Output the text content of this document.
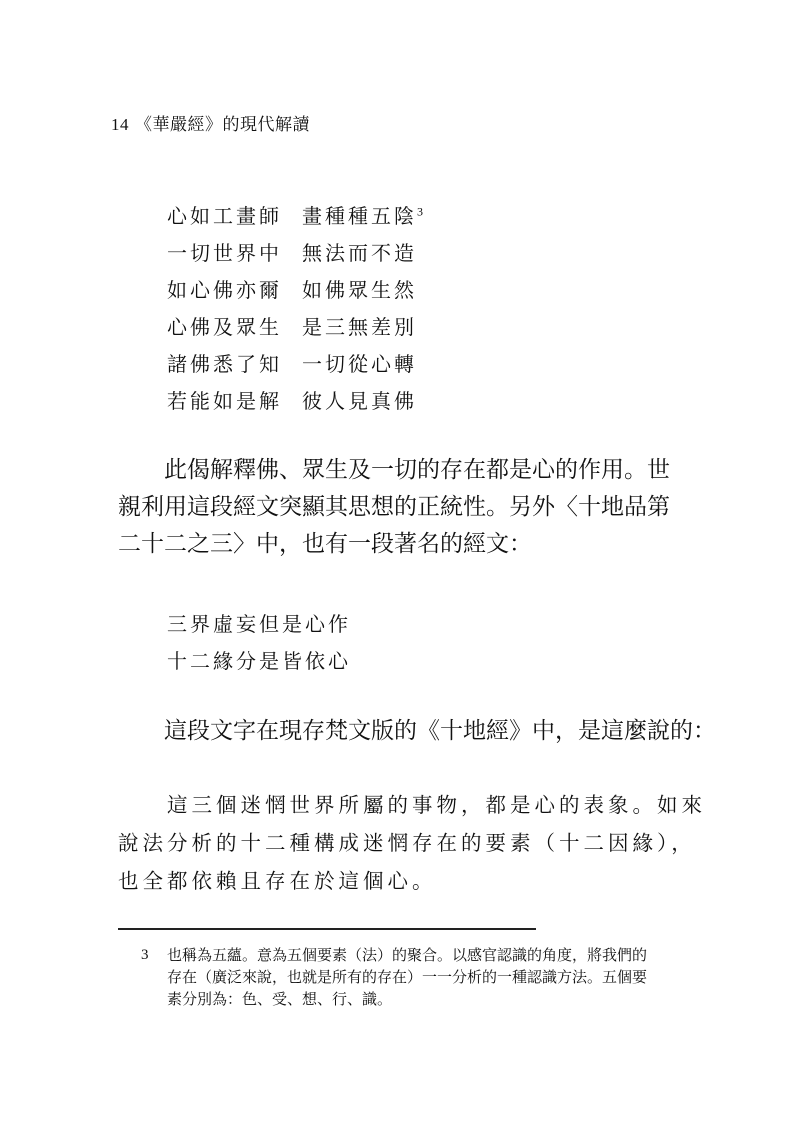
14 《華嚴經》的現代解讀
心如工畫師 畫種種五陰$^3$
一切世界中 無法而不造
如心佛亦爾 如佛眾生然
心佛及眾生 是三無差別
諸佛悉了知 一切從心轉
若能如是解 彼人見真佛
　　此偈解釋佛、眾生及一切的存在都是心的作用。世
親利用這段經文突顯其思想的正統性。另外〈十地品第
二十二之三〉中，也有一段著名的經文：
三界虛妄但是心作
十二緣分是皆依心
　　這段文字在現存梵文版的《十地經》中，是這麼說的：
　　這三個迷惘世界所屬的事物，都是心的表象。如來
說法分析的十二種構成迷惘存在的要素（十二因緣），
也全都依賴且存在於這個心。
3 也稱為五蘊。意為五個要素（法）的聚合。以感官認識的角度，將我們的
存在（廣泛來說，也就是所有的存在）一一分析的一種認識方法。五個要
素分別為：色、受、想、行、識。
